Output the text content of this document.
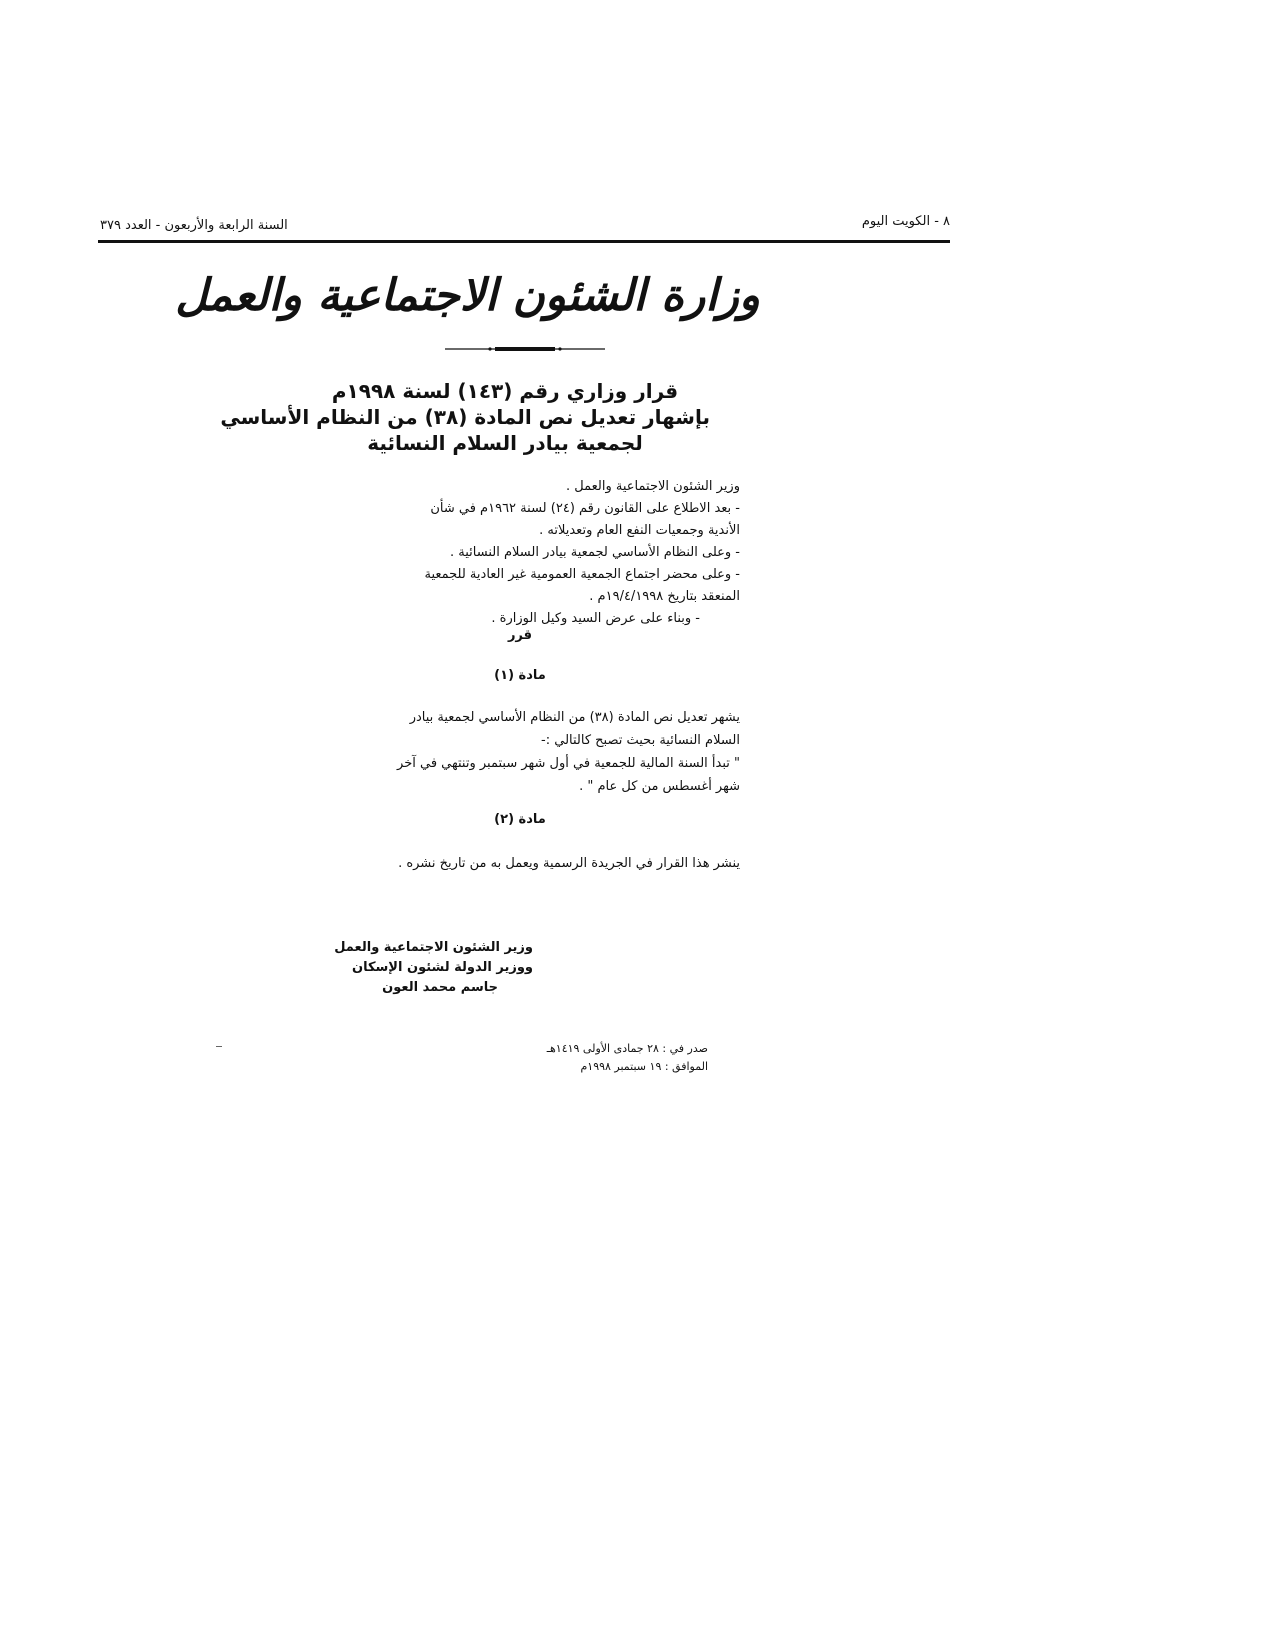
السنة الرابعة والأربعون - العدد ٣٧٩	٨ - الكويت اليوم
وزارة الشئون الاجتماعية والعمل
قرار وزاري رقم (١٤٣) لسنة ١٩٩٨م
بإشهار تعديل نص المادة (٣٨) من النظام الأساسي
لجمعية بيادر السلام النسائية
وزير الشئون الاجتماعية والعمل .
- بعد الاطلاع على القانون رقم (٢٤) لسنة ١٩٦٢م في شأن
الأندية وجمعيات النفع العام وتعديلاته .
- وعلى النظام الأساسي لجمعية بيادر السلام النسائية .
- وعلى محضر اجتماع الجمعية العمومية غير العادية للجمعية
المنعقد بتاريخ ١٩/٤/١٩٩٨م .
- وبناء على عرض السيد وكيل الوزارة .
قرر
مادة (١)
يشهر تعديل نص المادة (٣٨) من النظام الأساسي لجمعية بيادر
السلام النسائية بحيث تصبح كالتالي :-
" تبدأ السنة المالية للجمعية في أول شهر سبتمبر وتنتهي في آخر
شهر أغسطس من كل عام " .
مادة (٢)
ينشر هذا القرار في الجريدة الرسمية ويعمل به من تاريخ نشره .
وزير الشئون الاجتماعية والعمل
ووزير الدولة لشئون الإسكان
جاسم محمد العون
صدر في : ٢٨ جمادى الأولى ١٤١٩هـ
الموافق : ١٩ سبتمبر ١٩٩٨م
